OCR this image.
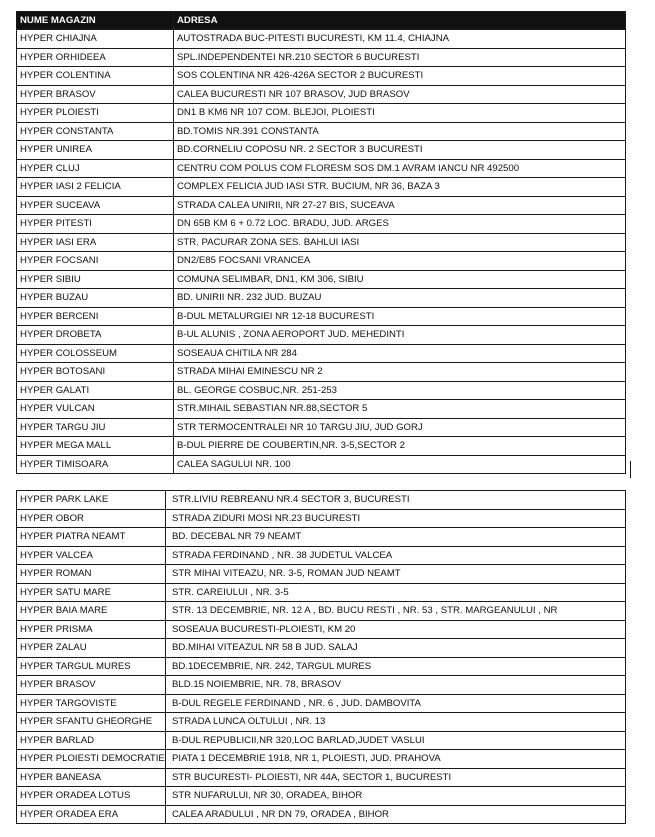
NUME MAGAZIN	ADRESA
HYPER CHIAJNA	AUTOSTRADA BUC-PITESTI BUCURESTI, KM 11.4, CHIAJNA
HYPER ORHIDEEA	SPL.INDEPENDENTEI NR.210 SECTOR 6 BUCURESTI
HYPER COLENTINA	SOS COLENTINA NR 426-426A SECTOR 2 BUCURESTI
HYPER BRASOV	CALEA BUCURESTI NR 107 BRASOV, JUD BRASOV
HYPER PLOIESTI	DN1 B KM6 NR 107 COM. BLEJOI, PLOIESTI
HYPER CONSTANTA	BD.TOMIS NR.391 CONSTANTA
HYPER UNIREA	BD.CORNELIU COPOSU NR. 2 SECTOR 3 BUCURESTI
HYPER CLUJ	CENTRU COM POLUS COM FLORESM SOS DM.1 AVRAM IANCU NR 492500
HYPER IASI 2 FELICIA	COMPLEX FELICIA JUD IASI STR. BUCIUM, NR 36, BAZA 3
HYPER SUCEAVA	STRADA CALEA UNIRII, NR 27-27 BIS, SUCEAVA
HYPER PITESTI	DN 65B KM 6 + 0.72 LOC. BRADU, JUD. ARGES
HYPER IASI ERA	STR. PACURAR ZONA SES. BAHLUI IASI
HYPER FOCSANI	DN2/E85 FOCSANI VRANCEA
HYPER SIBIU	COMUNA SELIMBAR, DN1, KM 306, SIBIU
HYPER BUZAU	BD. UNIRII NR. 232 JUD. BUZAU
HYPER BERCENI	B-DUL METALURGIEI NR 12-18 BUCURESTI
HYPER DROBETA	B-UL ALUNIS , ZONA AEROPORT JUD. MEHEDINTI
HYPER COLOSSEUM	SOSEAUA CHITILA NR 284
HYPER BOTOSANI	STRADA MIHAI EMINESCU NR 2
HYPER GALATI	BL. GEORGE COSBUC,NR. 251-253
HYPER VULCAN	STR.MIHAIL SEBASTIAN NR.88,SECTOR 5
HYPER TARGU JIU	STR TERMOCENTRALEI NR 10 TARGU JIU, JUD GORJ
HYPER MEGA MALL	B-DUL PIERRE DE COUBERTIN,NR. 3-5,SECTOR 2
HYPER TIMISOARA	CALEA SAGULUI NR. 100
HYPER PARK LAKE	STR.LIVIU REBREANU NR.4 SECTOR 3, BUCURESTI
HYPER OBOR	STRADA ZIDURI MOSI NR.23 BUCURESTI
HYPER PIATRA NEAMT	BD. DECEBAL NR 79 NEAMT
HYPER VALCEA	STRADA FERDINAND , NR. 38 JUDETUL VALCEA
HYPER ROMAN	STR MIHAI VITEAZU, NR. 3-5, ROMAN JUD NEAMT
HYPER SATU MARE	STR. CAREIULUI , NR. 3-5
HYPER BAIA MARE	STR. 13 DECEMBRIE, NR. 12 A , BD. BUCU RESTI , NR. 53 , STR. MARGEANULUI , NR
HYPER PRISMA	SOSEAUA BUCURESTI-PLOIESTI, KM 20
HYPER ZALAU	BD.MIHAI VITEAZUL NR 58 B JUD. SALAJ
HYPER TARGUL MURES	BD.1DECEMBRIE, NR. 242, TARGUL MURES
HYPER BRASOV	BLD.15 NOIEMBRIE, NR. 78, BRASOV
HYPER TARGOVISTE	B-DUL REGELE FERDINAND , NR. 6 , JUD. DAMBOVITA
HYPER SFANTU GHEORGHE	STRADA LUNCA OLTULUI , NR. 13
HYPER BARLAD	B-DUL REPUBLICII,NR 320,LOC BARLAD,JUDET VASLUI
HYPER PLOIESTI DEMOCRATIE	PIATA 1 DECEMBRIE 1918, NR 1, PLOIESTI, JUD. PRAHOVA
HYPER BANEASA	STR BUCURESTI- PLOIESTI, NR 44A, SECTOR 1, BUCURESTI
HYPER ORADEA LOTUS	STR NUFARULUI, NR 30, ORADEA, BIHOR
HYPER ORADEA ERA	CALEA ARADULUI , NR DN 79, ORADEA , BIHOR
